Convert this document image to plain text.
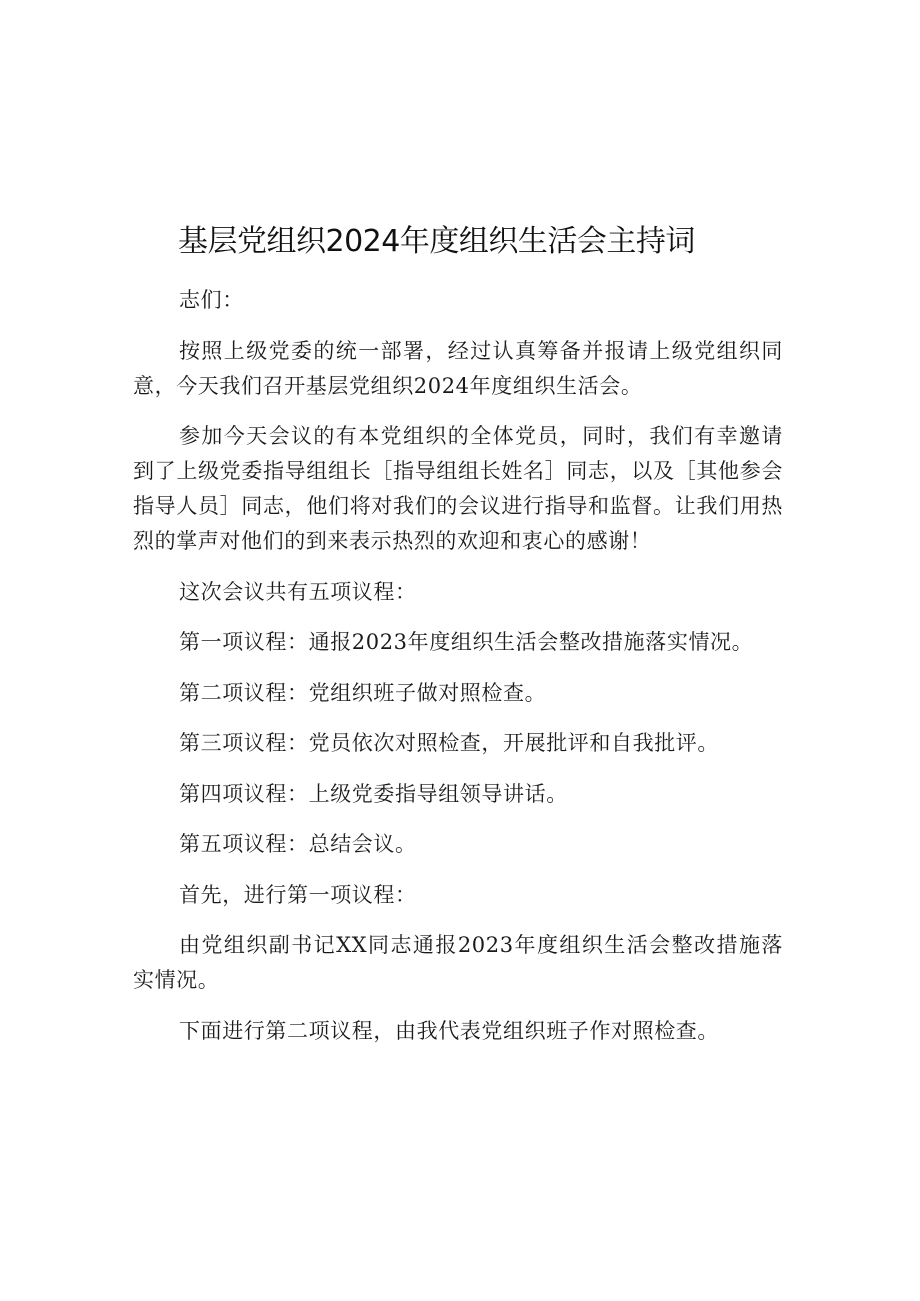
基层党组织2024年度组织生活会主持词

志们：

按照上级党委的统一部署，经过认真筹备并报请上级党组织同意，今天我们召开基层党组织2024年度组织生活会。

参加今天会议的有本党组织的全体党员，同时，我们有幸邀请到了上级党委指导组组长［指导组组长姓名］同志，以及［其他参会指导人员］同志，他们将对我们的会议进行指导和监督。让我们用热烈的掌声对他们的到来表示热烈的欢迎和衷心的感谢！

这次会议共有五项议程：

第一项议程：通报2023年度组织生活会整改措施落实情况。

第二项议程：党组织班子做对照检查。

第三项议程：党员依次对照检查，开展批评和自我批评。

第四项议程：上级党委指导组领导讲话。

第五项议程：总结会议。

首先，进行第一项议程：

由党组织副书记XX同志通报2023年度组织生活会整改措施落实情况。

下面进行第二项议程，由我代表党组织班子作对照检查。
